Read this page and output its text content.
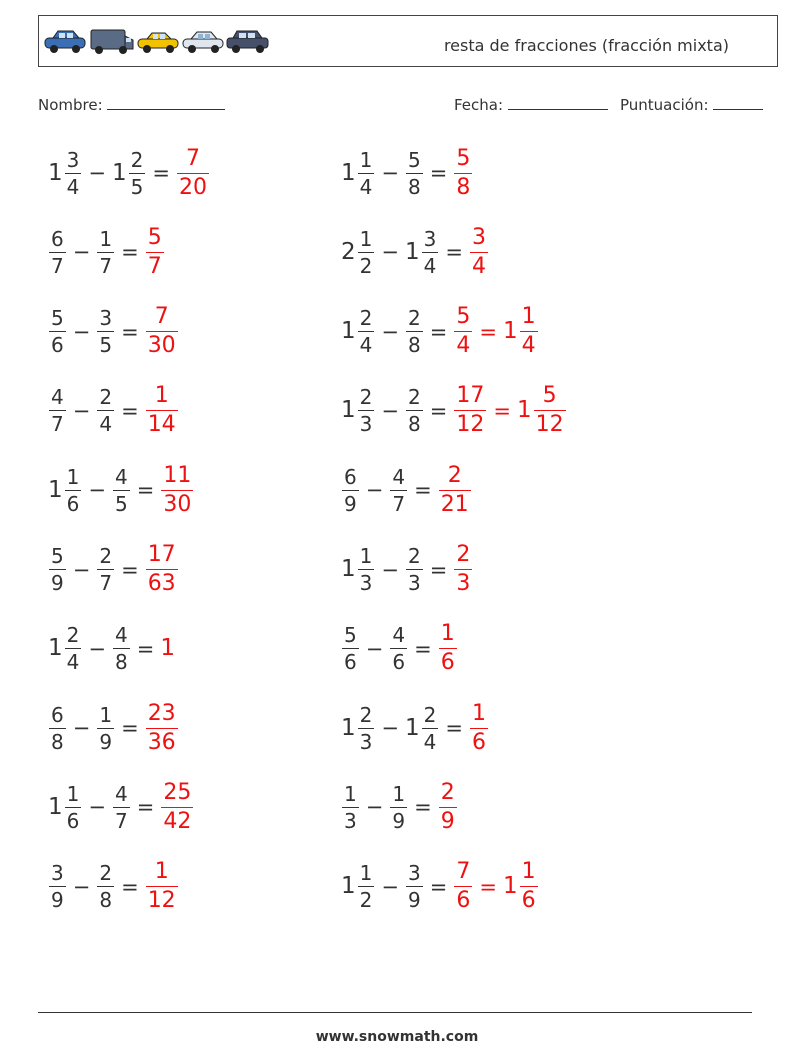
resta de fracciones (fracción mixta)
Nombre:	Fecha:	Puntuación:
$1 \frac{3}{4} - 1 \frac{2}{5} = \frac{7}{20}$	$1 \frac{1}{4} - \frac{5}{8} = \frac{5}{8}$
$\frac{6}{7} - \frac{1}{7} = \frac{5}{7}$	$2 \frac{1}{2} - 1 \frac{3}{4} = \frac{3}{4}$
$\frac{5}{6} - \frac{3}{5} = \frac{7}{30}$	$1 \frac{2}{4} - \frac{2}{8} = \frac{5}{4} = 1 \frac{1}{4}$
$\frac{4}{7} - \frac{2}{4} = \frac{1}{14}$	$1 \frac{2}{3} - \frac{2}{8} = \frac{17}{12} = 1 \frac{5}{12}$
$1 \frac{1}{6} - \frac{4}{5} = \frac{11}{30}$	$\frac{6}{9} - \frac{4}{7} = \frac{2}{21}$
$\frac{5}{9} - \frac{2}{7} = \frac{17}{63}$	$1 \frac{1}{3} - \frac{2}{3} = \frac{2}{3}$
$1 \frac{2}{4} - \frac{4}{8} = 1$	$\frac{5}{6} - \frac{4}{6} = \frac{1}{6}$
$\frac{6}{8} - \frac{1}{9} = \frac{23}{36}$	$1 \frac{2}{3} - 1 \frac{2}{4} = \frac{1}{6}$
$1 \frac{1}{6} - \frac{4}{7} = \frac{25}{42}$	$\frac{1}{3} - \frac{1}{9} = \frac{2}{9}$
$\frac{3}{9} - \frac{2}{8} = \frac{1}{12}$	$1 \frac{1}{2} - \frac{3}{9} = \frac{7}{6} = 1 \frac{1}{6}$
www.snowmath.com
